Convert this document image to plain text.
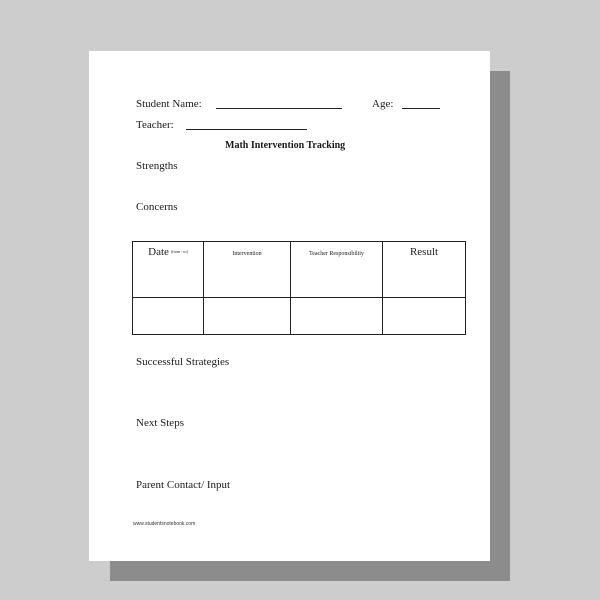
Student Name:	Age:
Teacher:
Math Intervention Tracking
Strengths
Concerns
Date (from - to)	Intervention	Teacher Responsibility	Result

Successful Strategies
Next Steps
Parent Contact/ Input
www.studentsnotebook.com
